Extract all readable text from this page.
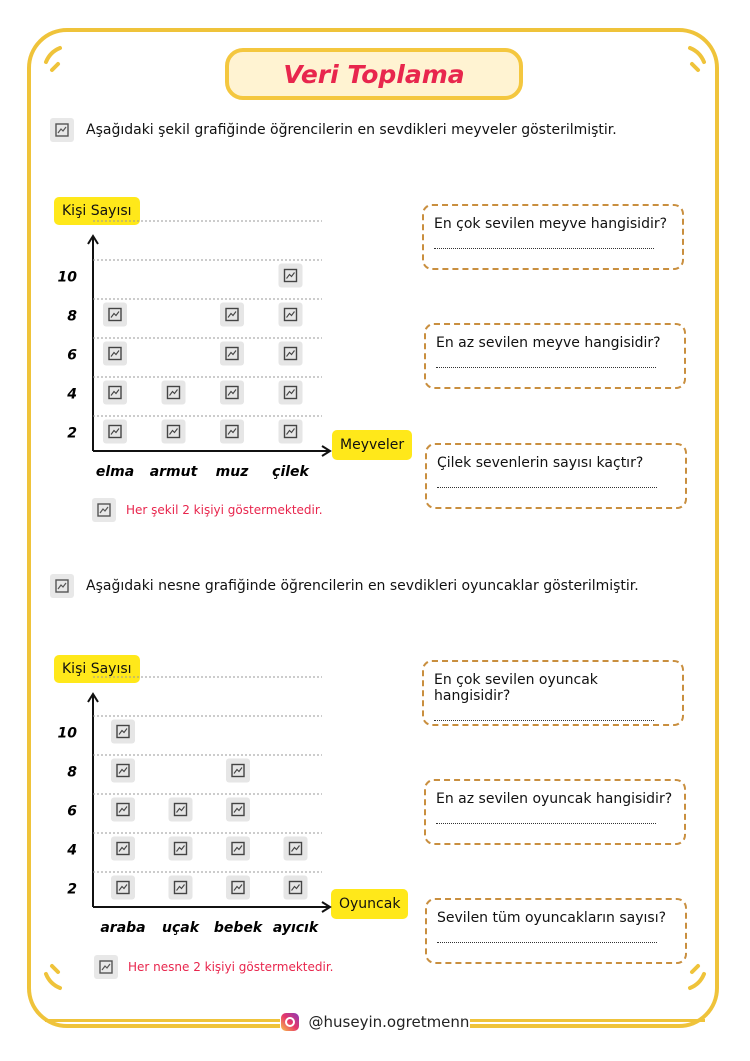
Veri Toplama
Aşağıdaki şekil grafiğinde öğrencilerin en sevdikleri meyveler gösterilmiştir.
Kişi Sayısı
Meyveler
2
4
6
8
10
elma armut muz çilek
Her şekil 2 kişiyi göstermektedir.
En çok sevilen meyve hangisidir?
En az sevilen meyve hangisidir?
Çilek sevenlerin sayısı kaçtır?
Aşağıdaki nesne grafiğinde öğrencilerin en sevdikleri oyuncaklar gösterilmiştir.
Kişi Sayısı
Oyuncak
2
4
6
8
10
araba uçak bebek ayıcık
Her nesne 2 kişiyi göstermektedir.
En çok sevilen oyuncak hangisidir?
En az sevilen oyuncak hangisidir?
Sevilen tüm oyuncakların sayısı?
@huseyin.ogretmenn
